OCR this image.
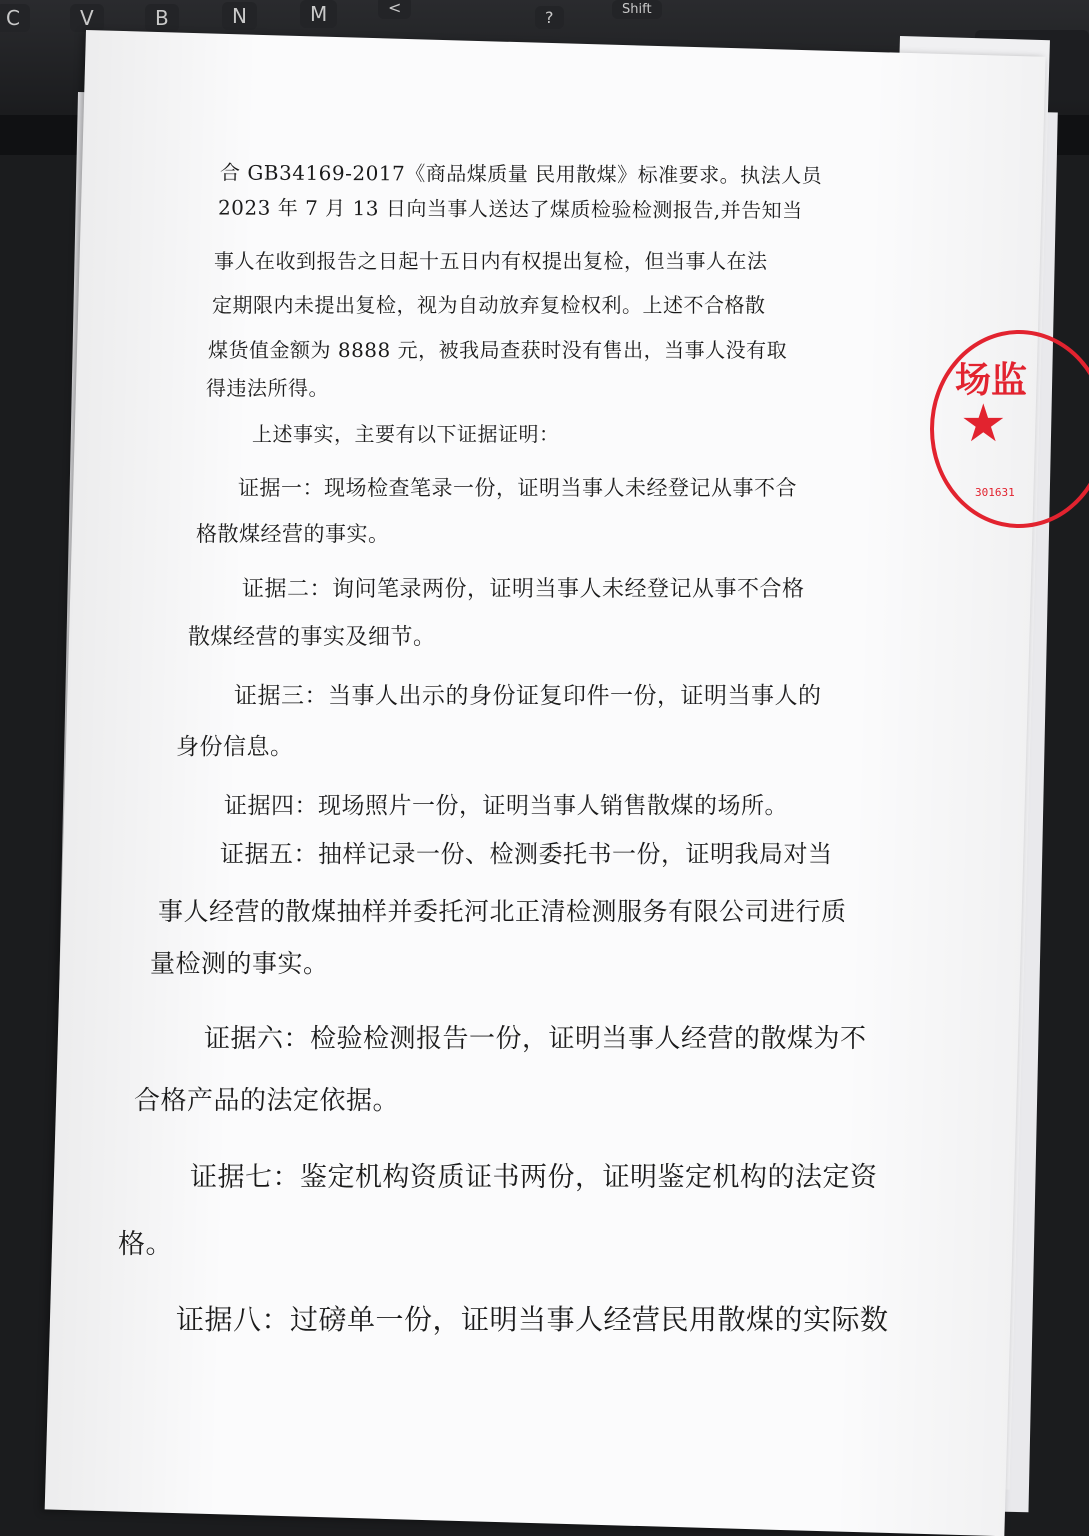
C	V	B	N	M	<
?	Shift
场监
★
301631

合 GB34169-2017《商品煤质量 民用散煤》标准要求。执法人员

2023 年 7 月 13 日向当事人送达了煤质检验检测报告,并告知当

事人在收到报告之日起十五日内有权提出复检，但当事人在法

定期限内未提出复检，视为自动放弃复检权利。上述不合格散

煤货值金额为 8888 元，被我局查获时没有售出，当事人没有取

得违法所得。

上述事实，主要有以下证据证明：

证据一：现场检查笔录一份，证明当事人未经登记从事不合

格散煤经营的事实。

证据二：询问笔录两份，证明当事人未经登记从事不合格

散煤经营的事实及细节。

证据三：当事人出示的身份证复印件一份，证明当事人的

身份信息。

证据四：现场照片一份，证明当事人销售散煤的场所。

证据五：抽样记录一份、检测委托书一份，证明我局对当

事人经营的散煤抽样并委托河北正清检测服务有限公司进行质

量检测的事实。

证据六：检验检测报告一份，证明当事人经营的散煤为不

合格产品的法定依据。

证据七：鉴定机构资质证书两份，证明鉴定机构的法定资

格。

证据八：过磅单一份，证明当事人经营民用散煤的实际数
